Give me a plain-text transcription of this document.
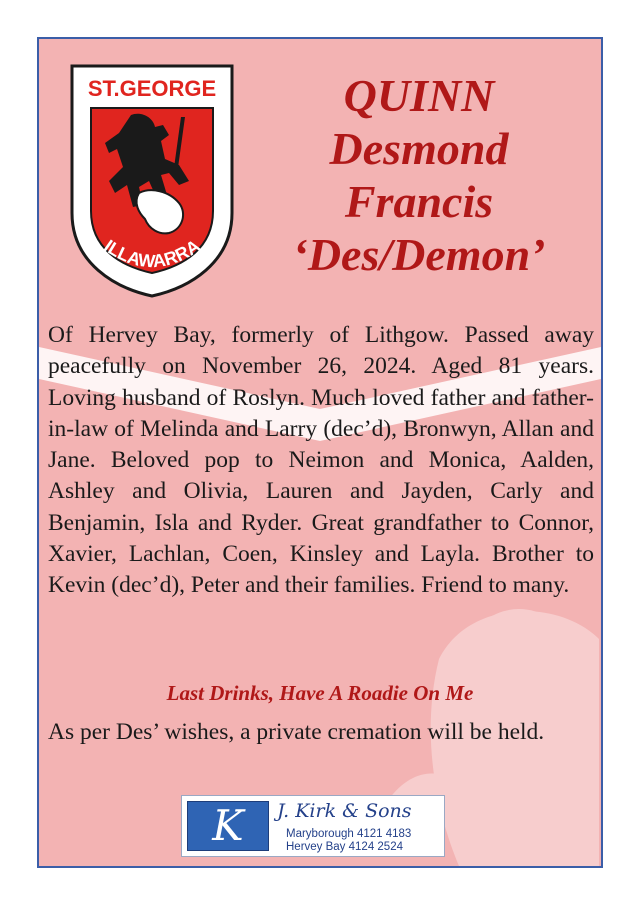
ST.GEORGE
ILLAWARRA
QUINN
Desmond
Francis
‘Des/Demon’
Of Hervey Bay, formerly of Lithgow. Passed away peacefully on November 26, 2024. Aged 81 years. Loving husband of Roslyn. Much loved father and father-in-law of Melinda and Larry (dec’d), Bronwyn, Allan and Jane. Beloved pop to Neimon and Monica, Aalden, Ashley and Olivia, Lauren and Jayden, Carly and Benjamin, Isla and Ryder. Great grandfather to Connor, Xavier, Lachlan, Coen, Kinsley and Layla. Brother to Kevin (dec’d), Peter and their families. Friend to many.
Last Drinks, Have A Roadie On Me
As per Des’ wishes, a private cremation will be held.
K	J. Kirk & Sons
Maryborough 4121 4183
Hervey Bay 4124 2524
